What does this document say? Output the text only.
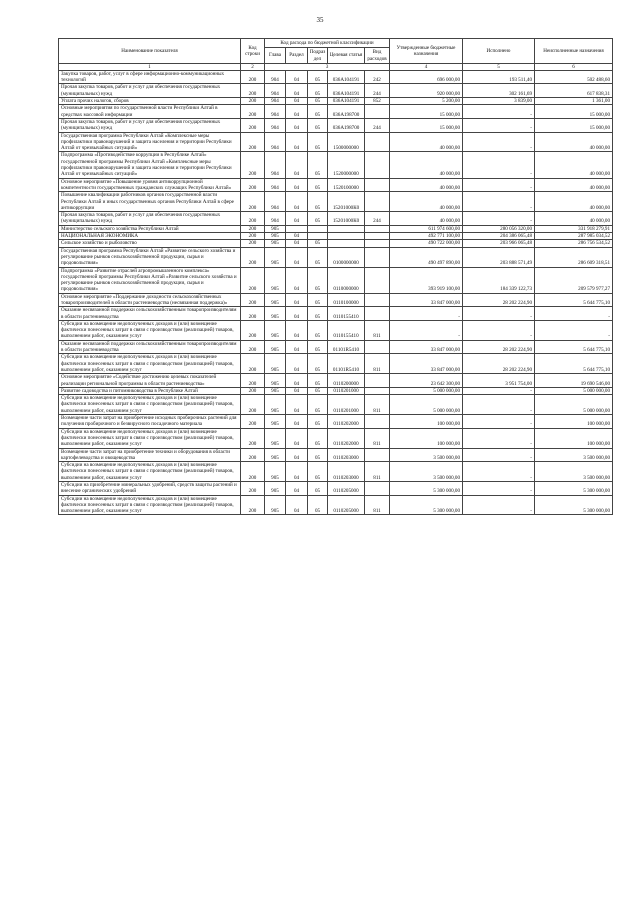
35
Наименование показателя	Код строки	Код расхода по бюджетной классификации					Утвержденные бюджетные назначения	Исполнено	Неисполненные назначения
		Глава	Раздел	Подраз дел	Целевая статья	Вид расходов			
1	2	3					4	5	6
Закупка товаров, работ, услуг в сфере информационно-коммуникационных технологий	200	904	04	05	036А104191	242	696 000,00	193 511,40	502 488,60
Прочая закупка товаров, работ и услуг для обеспечения государственных (муниципальных) нужд	200	904	04	05	036А104191	244	920 000,00	302 161,69	617 838,31
Уплата прочих налогов, сборов	200	904	04	05	036А104191	852	5 200,00	3 839,00	1 361,00
Основные мероприятия по государственной власти Республики Алтай в средствах массовой информации	200	904	04	05	036А198700		15 000,00	-	15 000,00
Прочая закупка товаров, работ и услуг для обеспечения государственных (муниципальных) нужд	200	904	04	05	036А198700	244	15 000,00	-	15 000,00
Государственная программа Республики Алтай «Комплексные меры профилактики правонарушений и защита населения и территории Республики Алтай от чрезвычайных ситуаций»	200	904	04	05	1500000000		40 000,00	-	40 000,00
Подпрограмма «Противодействие коррупции в Республике Алтай» государственной программы Республики Алтай «Комплексные меры профилактики правонарушений и защита населения и территории Республики Алтай от чрезвычайных ситуаций»	200	904	04	05	1520000000		40 000,00	-	40 000,00
Основное мероприятие «Повышение уровня антикоррупционной компетентности государственных гражданских служащих Республики Алтай»	200	904	04	05	1520100000		40 000,00	-	40 000,00
Повышение квалификации работников органов государственной власти Республики Алтай и иных государственных органов Республики Алтай в сфере антикоррупции	200	904	04	05	15201000К0		40 000,00	-	40 000,00
Прочая закупка товаров, работ и услуг для обеспечения государственных (муниципальных) нужд	200	904	04	05	15201000К0	244	40 000,00	-	40 000,00
Министерство сельского хозяйства Республики Алтай	200	905					611 974 600,00	280 056 320,00	331 918 279,91
НАЦИОНАЛЬНАЯ ЭКОНОМИКА	200	905	04				492 771 100,00	204 386 065,48	287 985 034,52
Сельское хозяйство и рыболовство	200	905	04	05			490 722 000,00	203 966 065,48	286 756 534,52
Государственная программа Республики Алтай «Развитие сельского хозяйства и регулирование рынков сельскохозяйственной продукции, сырья и продовольствия»	200	905	04	05	0100000000		490 497 890,00	203 888 571,49	286 609 318,51
Подпрограмма «Развитие отраслей агропромышленного комплекса» государственной программы Республики Алтай «Развитие сельского хозяйства и регулирование рынков сельскохозяйственной продукции, сырья и продовольствия»	200	905	04	05	0110000000		393 919 100,00	184 339 122,73	209 579 977,27
Основное мероприятие «Поддержание доходности сельскохозяйственных товаропроизводителей в области растениеводства (несвязанная поддержка)»	200	905	04	05	0110100000		33 847 000,00	28 202 224,90	5 644 775,10
Оказание несвязанной поддержки сельскохозяйственным товаропроизводителям в области растениеводства	200	905	04	05	0110155410		-	-	-
Субсидии на возмещение недополученных доходов и (или) возмещение фактически понесенных затрат в связи с производством (реализацией) товаров, выполнением работ, оказанием услуг	200	905	04	05	0110155410	811	-	-	-
Оказание несвязанной поддержки сельскохозяйственным товаропроизводителям в области растениеводства	200	905	04	05	01101R5410		33 847 000,00	28 202 224,90	5 644 775,10
Субсидии на возмещение недополученных доходов и (или) возмещение фактически понесенных затрат в связи с производством (реализацией) товаров, выполнением работ, оказанием услуг	200	905	04	05	01101R5410	811	33 847 000,00	28 202 224,90	5 644 775,10
Основное мероприятие «Содействие достижению целевых показателей реализации региональной программы в области растениеводства»	200	905	04	05	0110200000		23 642 300,00	3 951 754,00	19 690 546,00
Развитие садоводства и питомниководства в Республике Алтай	200	905	04	05	0110201000		5 000 000,00	-	5 000 000,00
Субсидии на возмещение недополученных доходов и (или) возмещение фактически понесенных затрат в связи с производством (реализацией) товаров, выполнением работ, оказанием услуг	200	905	04	05	0110201000	811	5 000 000,00	-	5 000 000,00
Возмещение части затрат на приобретение исходных пробирочных растений для получения пробирочного и безвирусного посадочного материала	200	905	04	05	0110202000		100 000,00	-	100 000,00
Субсидии на возмещение недополученных доходов и (или) возмещение фактически понесенных затрат в связи с производством (реализацией) товаров, выполнением работ, оказанием услуг	200	905	04	05	0110202000	811	100 000,00	-	100 000,00
Возмещение части затрат на приобретение техники и оборудования в области картофелеводства и овощеводства	200	905	04	05	0110203000		3 500 000,00	-	3 500 000,00
Субсидии на возмещение недополученных доходов и (или) возмещение фактически понесенных затрат в связи с производством (реализацией) товаров, выполнением работ, оказанием услуг	200	905	04	05	0110203000	811	3 500 000,00	-	3 500 000,00
Субсидии на приобретение минеральных удобрений, средств защиты растений и внесение органических удобрений	200	905	04	05	0110205000		5 300 000,00	-	5 300 000,00
Субсидии на возмещение недополученных доходов и (или) возмещение фактически понесенных затрат в связи с производством (реализацией) товаров, выполнением работ, оказанием услуг	200	905	04	05	0110205000	811	5 300 000,00	-	5 300 000,00
